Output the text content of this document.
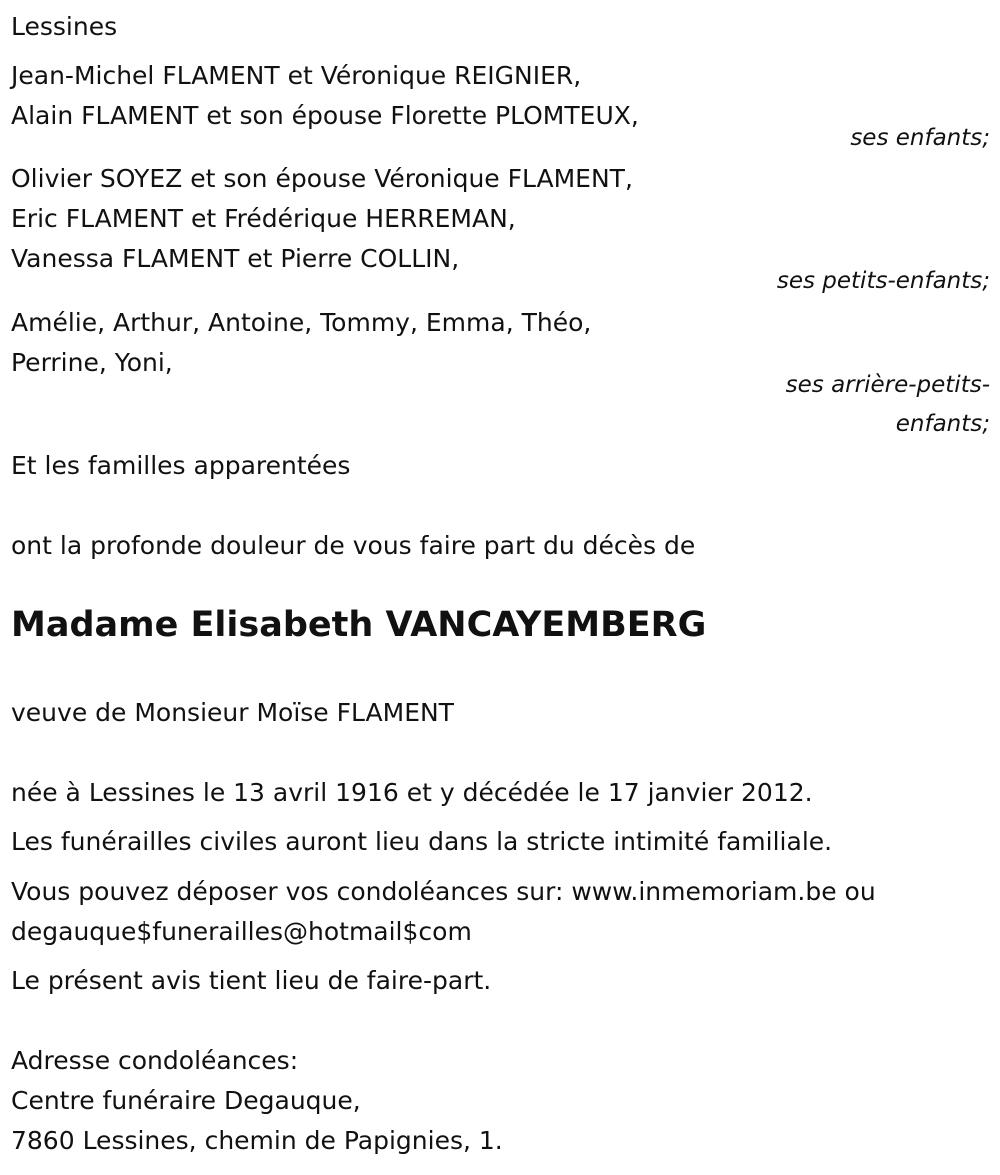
Lessines
Jean-Michel FLAMENT et Véronique REIGNIER,
Alain FLAMENT et son épouse Florette PLOMTEUX,
ses enfants;
Olivier SOYEZ et son épouse Véronique FLAMENT,
Eric FLAMENT et Frédérique HERREMAN,
Vanessa FLAMENT et Pierre COLLIN,
ses petits-enfants;
Amélie, Arthur, Antoine, Tommy, Emma, Théo,
Perrine, Yoni,
ses arrière-petits-
enfants;
Et les familles apparentées
ont la profonde douleur de vous faire part du décès de
Madame Elisabeth VANCAYEMBERG
veuve de Monsieur Moïse FLAMENT
née à Lessines le 13 avril 1916 et y décédée le 17 janvier 2012.
Les funérailles civiles auront lieu dans la stricte intimité familiale.
Vous pouvez déposer vos condoléances sur: www.inmemoriam.be ou
degauque$funerailles@hotmail$com
Le présent avis tient lieu de faire-part.
Adresse condoléances:
Centre funéraire Degauque,
7860 Lessines, chemin de Papignies, 1.
